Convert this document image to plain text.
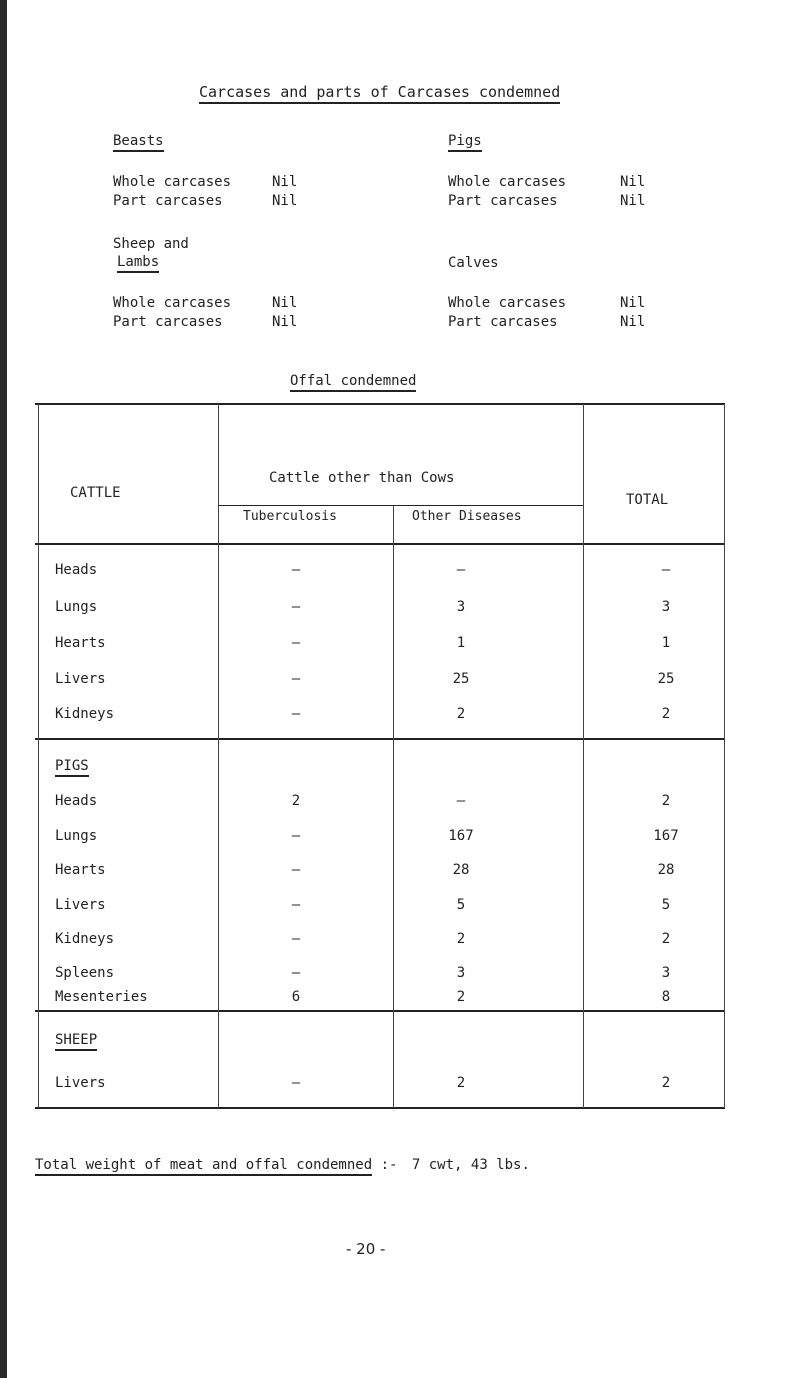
Carcases and parts of Carcases condemned
Beasts
Whole carcases	Nil
Part carcases	Nil
Pigs
Whole carcases	Nil
Part carcases	Nil
Sheep and
Lambs
Whole carcases	Nil
Part carcases	Nil
Calves
Whole carcases	Nil
Part carcases	Nil
Offal condemned
CATTLE
Cattle other than Cows
Tuberculosis	Other Diseases
TOTAL
Heads	–	–	–
Lungs	–	3	3
Hearts	–	1	1
Livers	–	25	25
Kidneys	–	2	2
PIGS
Heads	2	–	2
Lungs	–	167	167
Hearts	–	28	28
Livers	–	5	5
Kidneys	–	2	2
Spleens	–	3	3
Mesenteries	6	2	8
SHEEP
Livers	–	2	2
Total weight of meat and offal condemned :- 7 cwt, 43 lbs.
- 20 -
